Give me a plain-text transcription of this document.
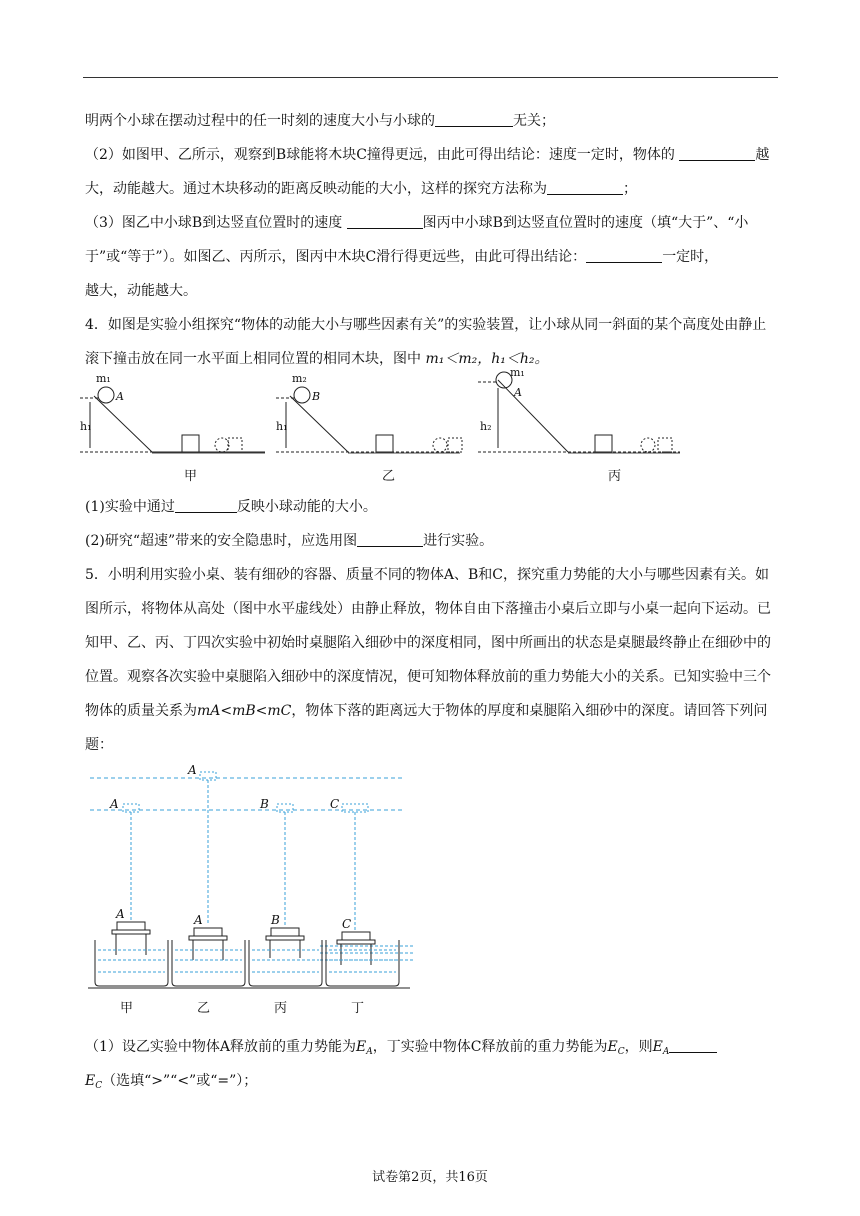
明两个小球在摆动过程中的任一时刻的速度大小与小球的	无关；

（2）如图甲、乙所示，观察到B球能将木块C撞得更远，由此可得出结论：速度一定时，物体的	越大，动能越大。通过木块移动的距离反映动能的大小，这样的探究方法称为	；

（3）图乙中小球B到达竖直位置时的速度	图丙中小球B到达竖直位置时的速度（填“大于”、“小于”或“等于”）。如图乙、丙所示，图丙中木块C滑行得更远些，由此可得出结论：	一定时，
越大，动能越大。

4．如图是实验小组探究“物体的动能大小与哪些因素有关”的实验装置，让小球从同一斜面的某个高度处由静止滚下撞击放在同一水平面上相同位置的相同木块，图中 m₁＜m₂，h₁＜h₂。

m₁
A
h₁
m₂
B
h₁
m₁
A
h₂
甲	乙	丙

(1)实验中通过	反映小球动能的大小。

(2)研究“超速”带来的安全隐患时，应选用图	进行实验。

5．小明利用实验小桌、装有细砂的容器、质量不同的物体A、B和C，探究重力势能的大小与哪些因素有关。如图所示，将物体从高处（图中水平虚线处）由静止释放，物体自由下落撞击小桌后立即与小桌一起向下运动。已知甲、乙、丙、丁四次实验中初始时桌腿陷入细砂中的深度相同，图中所画出的状态是桌腿最终静止在细砂中的位置。观察各次实验中桌腿陷入细砂中的深度情况，便可知物体释放前的重力势能大小的关系。已知实验中三个物体的质量关系为mA<mB<mC，物体下落的距离远大于物体的厚度和桌腿陷入细砂中的深度。请回答下列问题：

A
A	B	C
A	A	B	C
甲	乙	丙	丁

（1）设乙实验中物体A释放前的重力势能为$E_A$，丁实验中物体C释放前的重力势能为$E_C$，则$E_A$
$E_C$（选填“>”“<”或“=”）；

试卷第2页，共16页
